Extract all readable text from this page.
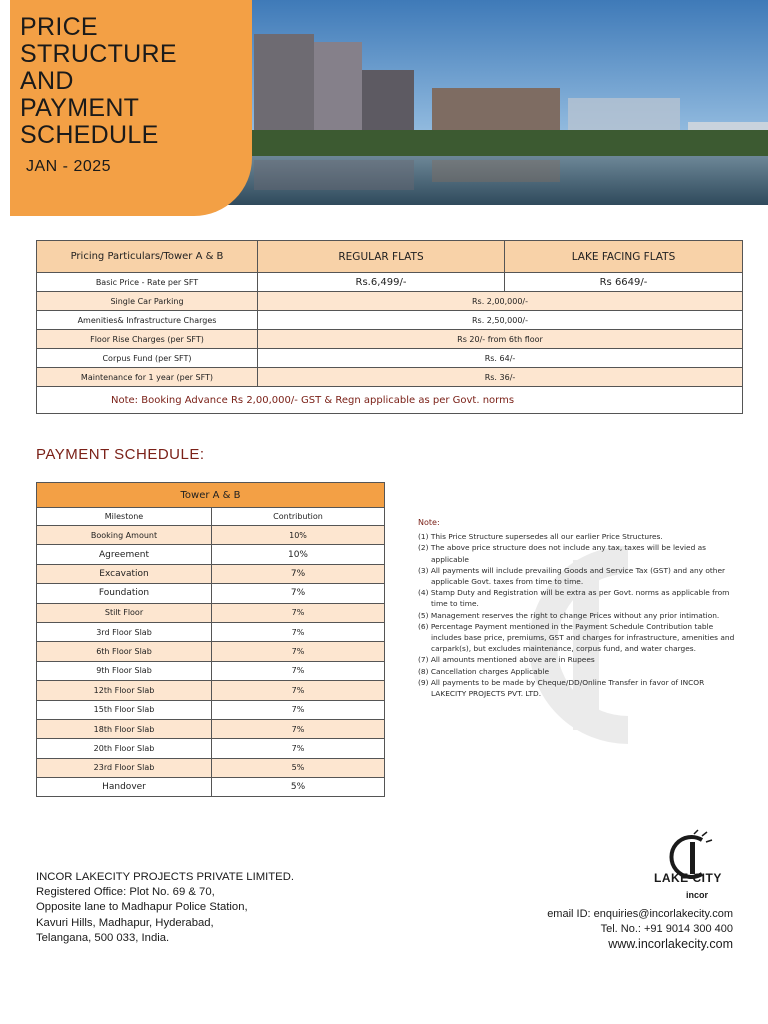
PRICE
STRUCTURE
AND
PAYMENT
SCHEDULE
JAN - 2025
Pricing Particulars/Tower A & B	REGULAR FLATS	LAKE FACING FLATS
Basic Price - Rate per SFT	Rs.6,499/-	Rs 6649/-
Single Car Parking	Rs. 2,00,000/-	
Amenities& Infrastructure Charges	Rs. 2,50,000/-	
Floor Rise Charges (per SFT)	Rs 20/- from 6th floor	
Corpus Fund (per SFT)	Rs. 64/-	
Maintenance for 1 year (per SFT)	Rs. 36/-	
Note: Booking Advance Rs 2,00,000/- GST & Regn applicable as per Govt. norms		
PAYMENT SCHEDULE:
Tower A & B	
Milestone	Contribution
Booking Amount	10%
Agreement	10%
Excavation	7%
Foundation	7%
Stilt Floor	7%
3rd Floor Slab	7%
6th Floor Slab	7%
9th Floor Slab	7%
12th Floor Slab	7%
15th Floor Slab	7%
18th Floor Slab	7%
20th Floor Slab	7%
23rd Floor Slab	5%
Handover	5%
Note:
(1) This Price Structure supersedes all our earlier Price Structures.
(2) The above price structure does not include any tax, taxes will be levied as applicable
(3) All payments will include prevailing Goods and Service Tax (GST) and any other applicable Govt. taxes from time to time.
(4) Stamp Duty and Registration will be extra as per Govt. norms as applicable from time to time.
(5) Management reserves the right to change Prices without any prior intimation.
(6) Percentage Payment mentioned in the Payment Schedule Contribution table includes base price, premiums, GST and charges for infrastructure, amenities and carpark(s), but excludes maintenance, corpus fund, and water charges.
(7) All amounts mentioned above are in Rupees
(8) Cancellation charges Applicable
(9) All payments to be made by Cheque/DD/Online Transfer in favor of INCOR LAKECITY PROJECTS PVT. LTD.
INCOR LAKECITY PROJECTS PRIVATE LIMITED.
Registered Office: Plot No. 69 & 70,
Opposite lane to Madhapur Police Station,
Kavuri Hills, Madhapur, Hyderabad,
Telangana, 500 033, India.
LAKE CITY
incor
email ID: enquiries@incorlakecity.com
Tel. No.: +91 9014 300 400
www.incorlakecity.com
